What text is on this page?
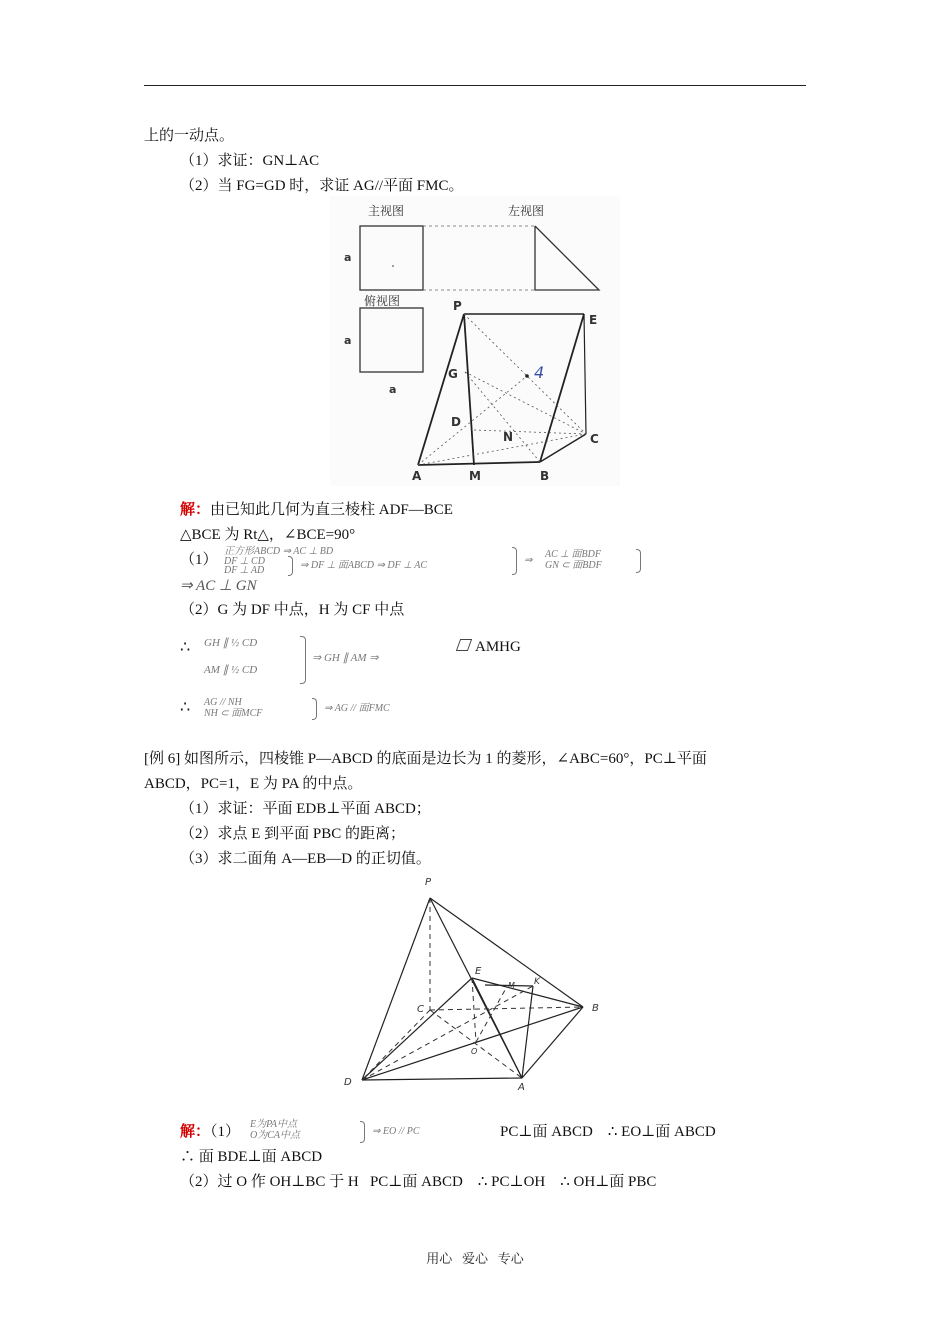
上的一动点。
（1）求证：GN⊥AC
（2）当 FG=GD 时，求证 AG//平面 FMC。
4
主视图	左视图
俯视图
a
a
a
P
E
G
D
N	C
A	M	B
解：由已知此几何为直三棱柱 ADF—BCE
△BCE 为 Rt△，∠BCE=90°
（1）
正方形ABCD ⇒ AC ⊥ BD
DF ⊥ CD
DF ⊥ AD	⇒ DF ⊥ 面ABCD ⇒ DF ⊥ AC	⇒
AC ⊥ 面BDF
GN ⊂ 面BDF
⇒ AC ⊥ GN
（2）G 为 DF 中点，H 为 CF 中点
∴ GH ∥ ½ CD
AM ∥ ½ CD
⇒ GH ∥ AM ⇒
AMHG
∴ AG // NH
NH ⊂ 面MCF	⇒ AG // 面FMC
[例 6] 如图所示，四棱锥 P—ABCD 的底面是边长为 1 的菱形，∠ABC=60°，PC⊥平面
ABCD，PC=1，E 为 PA 的中点。
（1）求证：平面 EDB⊥平面 ABCD；
（2）求点 E 到平面 PBC 的距离；
（3）求二面角 A—EB—D 的正切值。
P
E
C	B
D	A
O
K
M
解：（1） E为PA中点
O为CA中点	⇒ EO // PC	PC⊥面 ABCD    ∴ EO⊥面 ABCD
∴ 面 BDE⊥面 ABCD
（2）过 O 作 OH⊥BC 于 H   PC⊥面 ABCD    ∴ PC⊥OH    ∴ OH⊥面 PBC
用心   爱心   专心
